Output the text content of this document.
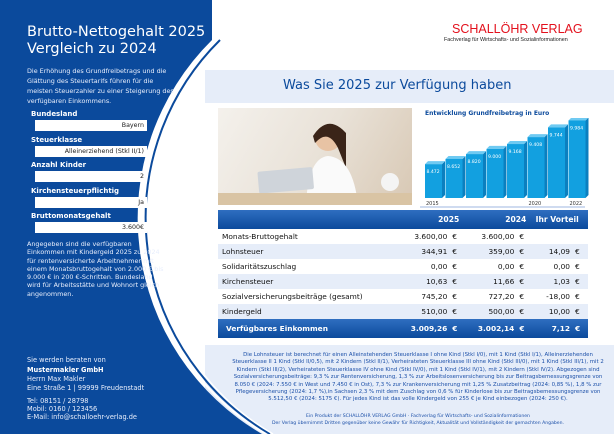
Brutto-Nettogehalt 2025
Vergleich zu 2024
Die Erhöhung des Grundfreibetrags und die Glättung des Steuertarifs führen für die meisten Steuerzahler zu einer Steigerung des verfügbaren Einkommens.
Bundesland
Bayern
Steuerklasse
Alleinerziehend (Stkl II/1)
Anzahl Kinder
2
Kirchensteuerpflichtig
Ja
Bruttomonatsgehalt
3.600€
Angegeben sind die verfügbaren Einkommen mit Kindergeld 2025 zu 2024 für rentenversicherte Arbeitnehmer mit einem Monatsbruttogehalt von 2.000 € bis 9.000 € in 200 €-Schritten. Bundesland wird für Arbeitsstätte und Wohnort gleich angenommen.
Sie werden beraten von
Mustermakler GmbH
Herrn Max Makler
Eine Straße 1 | 99999 Freudenstadt
Tel: 08151 / 28798
Mobil: 0160 / 123456
E-Mail: info@schalloehr-verlag.de
SCHALLÖHR VERLAG
Fachverlag für Wirtschafts- und Sozialinformationen
Was Sie 2025 zur Verfügung haben
Entwicklung Grundfreibetrag in Euro
8.472
8.652
8.820
9.000
9.168
9.408
9.744
9.984
2015	2020	2022
	2025		2024		Ihr Vorteil	
Monats-Bruttogehalt	3.600,00	€	3.600,00	€		
Lohnsteuer	344,91	€	359,00	€	14,09	€
Solidaritätszuschlag	0,00	€	0,00	€	0,00	€
Kirchensteuer	10,63	€	11,66	€	1,03	€
Sozialversicherungsbeiträge (gesamt)	745,20	€	727,20	€	-18,00	€
Kindergeld	510,00	€	500,00	€	10,00	€
Verfügbares Einkommen	3.009,26	€	3.002,14	€	7,12	€
Die Lohnsteuer ist berechnet für einen Alleinstehenden Steuerklasse I ohne Kind (Stkl I/0), mit 1 Kind (Stkl I/1), Alleinerziehenden Steuerklasse II 1 Kind (Stkl II/0,5), mit 2 Kindern (Stkl II/1), Verheirateten Steuerklasse III ohne Kind (Stkl III/0), mit 1 Kind (Stkl III/1), mit 2 Kindern (Stkl III/2), Verheirateten Steuerklasse IV ohne Kind (Stkl IV/0), mit 1 Kind (Stkl IV/1), mit 2 Kindern (Stkl IV/2). Abgezogen sind Sozialversicherungsbeiträge: 9,3 % zur Rentenversicherung, 1,3 % zur Arbeitslosenversicherung bis zur Beitragsbemessungsgrenze von 8.050 € (2024: 7.550 € in West und 7.450 € in Ost), 7,3 % zur Krankenversicherung mit 1,25 % Zusatzbeitrag (2024: 0,85 %), 1,8 % zur Pflegeversicherung (2024: 1,7 %),in Sachsen 2,3 % mit dem Zuschlag von 0,6 % für Kinderlose bis zur Beitragsbemessungsgrenze von 5.512,50 € (2024: 5175 €). Für jedes Kind ist das volle Kindergeld von 255 € je Kind einbezogen (2024: 250 €).
Ein Produkt der SCHALLÖHR VERLAG GmbH · Fachverlag für Wirtschafts- und Sozialinformationen
Der Verlag übernimmt Dritten gegenüber keine Gewähr für Richtigkeit, Aktualität und Vollständigkeit der gemachten Angaben.
